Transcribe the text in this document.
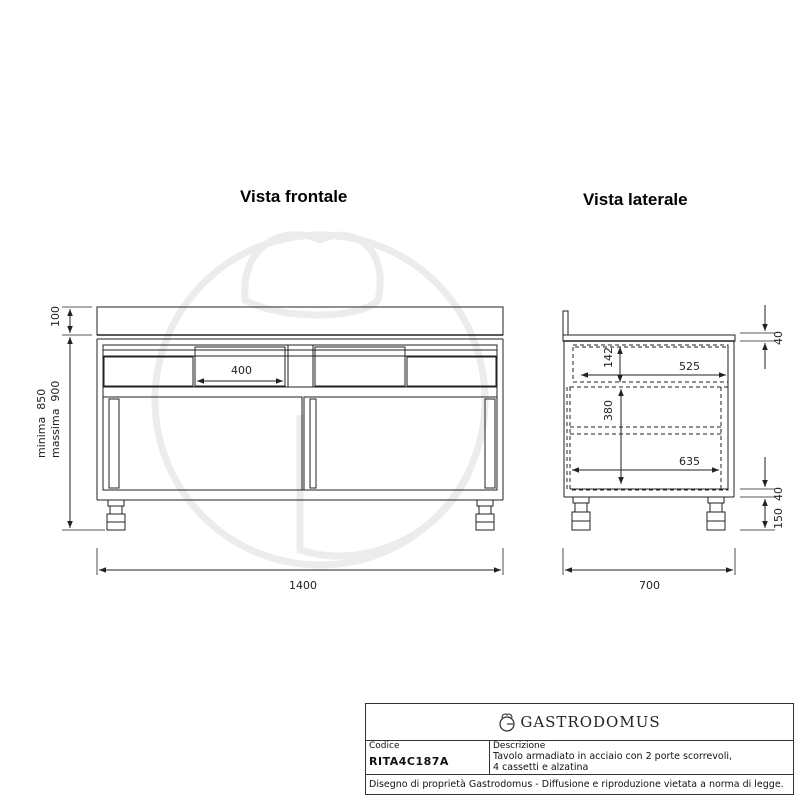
Vista frontale	Vista laterale
100
minima  850 massima  900
400
1400
40
142	525
380
635
40
150
700
GASTRODOMUS
Codice
RITA4C187A
Descrizione
Tavolo armadiato in acciaio con 2 porte scorrevoli,
4 cassetti e alzatina
Disegno di proprietà Gastrodomus - Diffusione e riproduzione vietata a norma di legge.
